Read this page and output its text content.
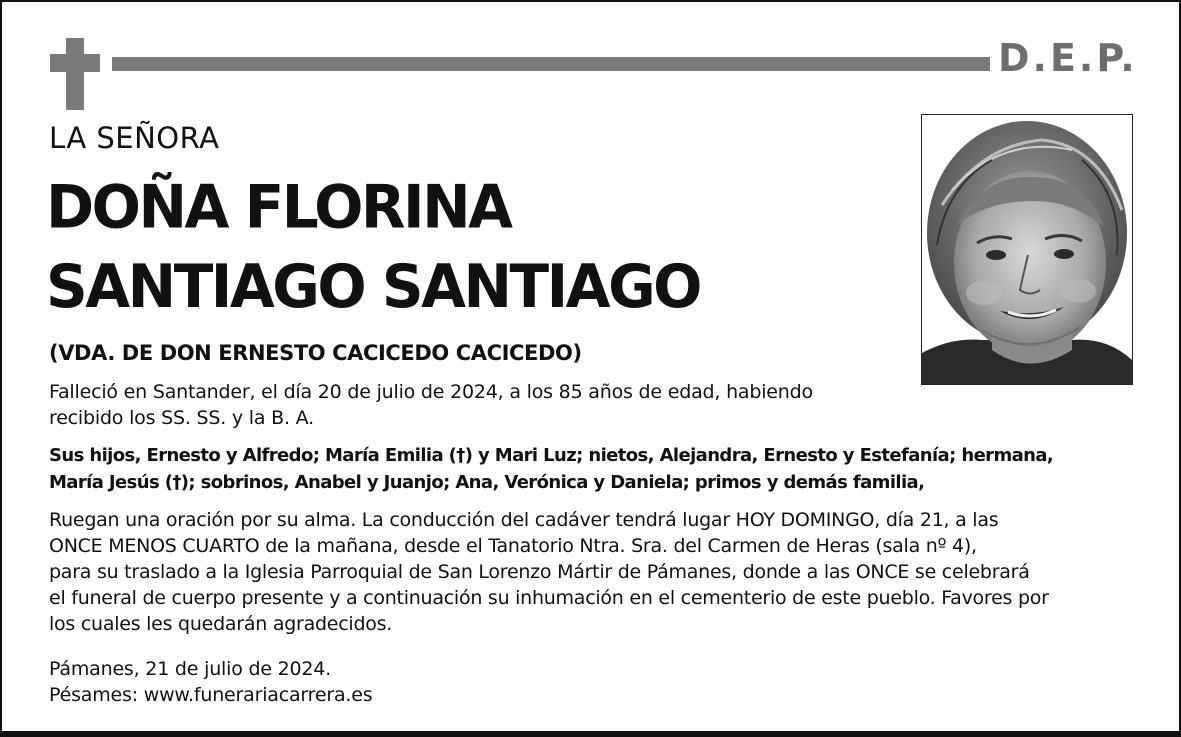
D.E.P.
LA SEÑORA
DOÑA FLORINA
SANTIAGO SANTIAGO
(VDA. DE DON ERNESTO CACICEDO CACICEDO)
Falleció en Santander, el día 20 de julio de 2024, a los 85 años de edad, habiendo
recibido los SS. SS. y la B. A.
Sus hijos, Ernesto y Alfredo; María Emilia (†) y Mari Luz; nietos, Alejandra, Ernesto y Estefanía; hermana,
María Jesús (†); sobrinos, Anabel y Juanjo; Ana, Verónica y Daniela; primos y demás familia,
Ruegan una oración por su alma. La conducción del cadáver tendrá lugar HOY DOMINGO, día 21, a las
ONCE MENOS CUARTO de la mañana, desde el Tanatorio Ntra. Sra. del Carmen de Heras (sala nº 4),
para su traslado a la Iglesia Parroquial de San Lorenzo Mártir de Pámanes, donde a las ONCE se celebrará
el funeral de cuerpo presente y a continuación su inhumación en el cementerio de este pueblo. Favores por
los cuales les quedarán agradecidos.
Pámanes, 21 de julio de 2024.
Pésames: www.funerariacarrera.es
